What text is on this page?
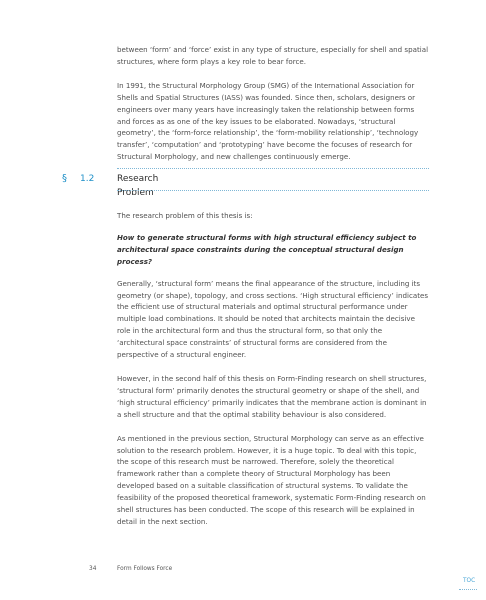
between ‘form’ and ‘force’ exist in any type of structure, especially for shell and spatial structures, where form plays a key role to bear force.

In 1991, the Structural Morphology Group (SMG) of the International Association for Shells and Spatial Structures (IASS) was founded. Since then, scholars, designers or engineers over many years have increasingly taken the relationship between forms and forces as as one of the key issues to be elaborated. Nowadays, ‘structural geometry’, the ‘form-force relationship’, the ‘form-mobility relationship’, ‘technology transfer’, ‘computation’ and ‘prototyping’ have become the focuses of research for Structural Morphology, and new challenges continuously emerge.

§ 1.2	Research Problem

The research problem of this thesis is:

How to generate structural forms with high structural efficiency subject to architectural space constraints during the conceptual structural design process?

Generally, ‘structural form’ means the final appearance of the structure, including its geometry (or shape), topology, and cross sections. ‘High structural efficiency’ indicates the efficient use of structural materials and optimal structural performance under multiple load combinations. It should be noted that architects maintain the decisive role in the architectural form and thus the structural form, so that only the ‘architectural space constraints’ of structural forms are considered from the perspective of a structural engineer.

However, in the second half of this thesis on Form-Finding research on shell structures, ‘structural form’ primarily denotes the structural geometry or shape of the shell, and ‘high structural efficiency’ primarily indicates that the membrane action is dominant in a shell structure and that the optimal stability behaviour is also considered.

As mentioned in the previous section, Structural Morphology can serve as an effective solution to the research problem. However, it is a huge topic. To deal with this topic, the scope of this research must be narrowed. Therefore, solely the theoretical framework rather than a complete theory of Structural Morphology has been developed based on a suitable classification of structural systems. To validate the feasibility of the proposed theoretical framework, systematic Form-Finding research on shell structures has been conducted. The scope of this research will be explained in detail in the next section.

34	Form Follows Force
TOC
